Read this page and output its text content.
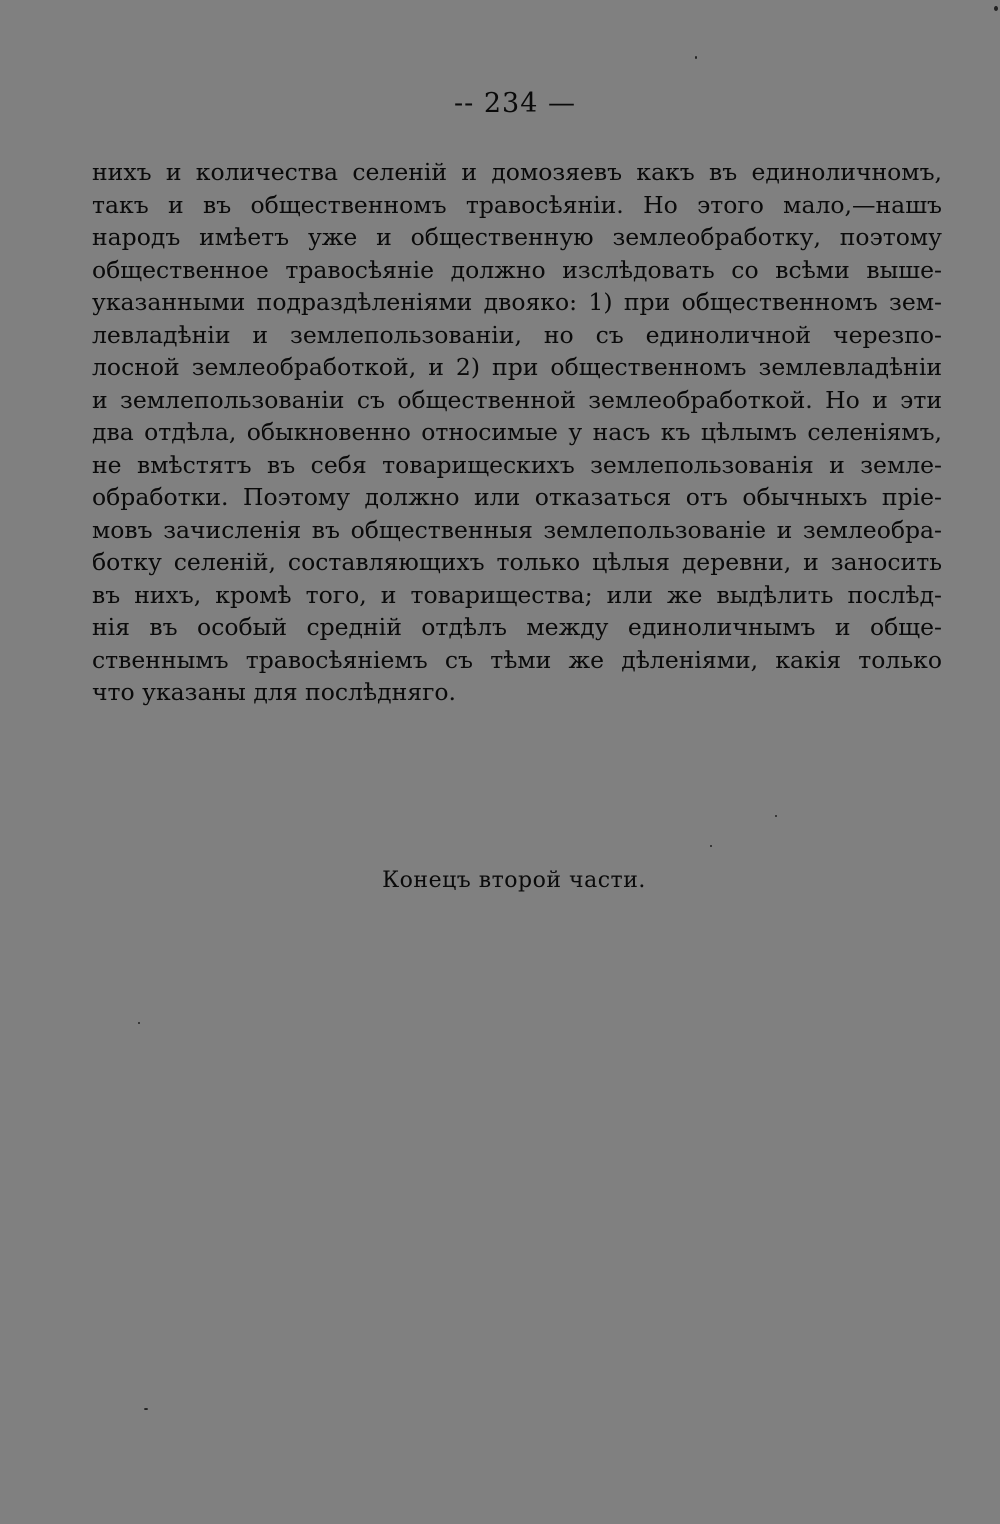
-- 234 —
нихъ и количества селеній и домозяевъ какъ въ единоличномъ,
такъ и въ общественномъ травосѣяніи. Но этого мало,—нашъ
народъ имѣетъ уже и общественную землеобработку, поэтому
общественное травосѣяніе должно изслѣдовать со всѣми выше-
указанными подраздѣленіями двояко: 1) при общественномъ зем-
левладѣніи и землепользованіи, но съ единоличной черезпо-
лосной землеобработкой, и 2) при общественномъ землевладѣніи
и землепользованіи съ общественной землеобработкой. Но и эти
два отдѣла, обыкновенно относимые у насъ къ цѣлымъ селеніямъ,
не вмѣстятъ въ себя товарищескихъ землепользованія и земле-
обработки. Поэтому должно или отказаться отъ обычныхъ пріе-
мовъ зачисленія въ общественныя землепользованіе и землеобра-
ботку селеній, составляющихъ только цѣлыя деревни, и заносить
въ нихъ, кромѣ того, и товарищества; или же выдѣлить послѣд-
нія въ особый средній отдѣлъ между единоличнымъ и обще-
ственнымъ травосѣяніемъ съ тѣми же дѣленіями, какія только
что указаны для послѣдняго.
Конецъ второй части.
